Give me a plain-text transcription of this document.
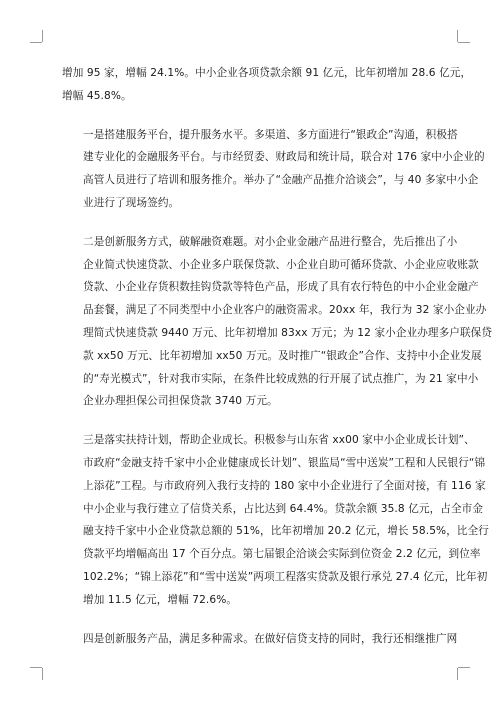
增加 95 家，增幅 24.1%。中小企业各项贷款余额 91 亿元，比年初增加 28.6 亿元，
增幅 45.8%。

一是搭建服务平台，提升服务水平。多渠道、多方面进行“银政企”沟通，积极搭
建专业化的金融服务平台。与市经贸委、财政局和统计局，联合对 176 家中小企业的
高管人员进行了培训和服务推介。举办了“金融产品推介洽谈会”，与 40 多家中小企
业进行了现场签约。

二是创新服务方式，破解融资难题。对小企业金融产品进行整合，先后推出了小
企业简式快速贷款、小企业多户联保贷款、小企业自助可循环贷款、小企业应收账款
贷款、小企业存货积数挂钩贷款等特色产品，形成了具有农行特色的中小企业金融产
品套餐，满足了不同类型中小企业客户的融资需求。20xx 年，我行为 32 家小企业办
理简式快速贷款 9440 万元、比年初增加 83xx 万元；为 12 家小企业办理多户联保贷
款 xx50 万元、比年初增加 xx50 万元。及时推广“银政企”合作、支持中小企业发展
的“寿光模式”，针对我市实际，在条件比较成熟的行开展了试点推广，为 21 家中小
企业办理担保公司担保贷款 3740 万元。

三是落实扶持计划，帮助企业成长。积极参与山东省 xx00 家中小企业成长计划”、
市政府“金融支持千家中小企业健康成长计划”、银监局“雪中送炭”工程和人民银行“锦
上添花”工程。与市政府列入我行支持的 180 家中小企业进行了全面对接，有 116 家
中小企业与我行建立了信贷关系，占比达到 64.4%。贷款余额 35.8 亿元，占全市金
融支持千家中小企业贷款总额的 51%，比年初增加 20.2 亿元，增长 58.5%，比全行
贷款平均增幅高出 17 个百分点。第七届银企洽谈会实际到位资金 2.2 亿元，到位率
102.2%；“锦上添花”和“雪中送炭”两项工程落实贷款及银行承兑 27.4 亿元，比年初
增加 11.5 亿元，增幅 72.6%。

四是创新服务产品，满足多种需求。在做好信贷支持的同时，我行还相继推广网
